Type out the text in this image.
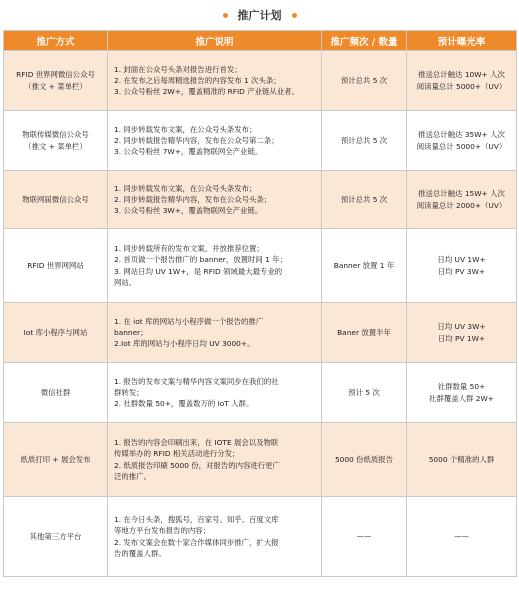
推广计划
推广方式	推广说明	推广频次 / 数量	预计曝光率

RFID 世界网微信公众号
（推文 + 菜单栏）	1. 封面在公众号头条对报告进行首发；
2. 在发布之后每周精选报告的内容发布 1 次头条；
3. 公众号粉丝 2W+，覆盖精准的 RFID 产业链从业者。	预计总共 5 次	推送总计触达 10W+ 人次
阅读量总计 5000+（UV）

物联传媒微信公众号
（推文 + 菜单栏）	1. 同步转载发布文案，在公众号头条发布；
2. 同步转载报告精华内容，发布在公众号第二条；
3. 公众号粉丝 7W+，覆盖物联网全产业链。	预计总共 5 次	推送总计触达 35W+ 人次
阅读量总计 5000+（UV）

物联网届微信公众号	1. 同步转载发布文案，在公众号头条发布；
2. 同步转载报告精华内容，发布在公众号头条；
3. 公众号粉丝 3W+，覆盖物联网全产业链。	预计总共 5 次	推送总计触达 15W+ 人次
阅读量总计 2000+（UV）

RFID 世界网网站	1. 同步转载所有的发布文案，并放推荐位置；
2. 首页做一个报告推广的 banner，放置时间 1 年；
3. 网站日均 UV 1W+，是 RFID 领域最大最专业的
网站。	Banner 放置 1 年	日均 UV 1W+
日均 PV 3W+

Iot 库小程序与网站	1. 在 iot 库的网站与小程序做一个报告的推广
banner；
2.Iot 库的网站与小程序日均 UV 3000+。	Baner 放置半年	日均 UV 3W+
日均 PV 1W+

微信社群	1. 报告的发布文案与精华内容文案同步在我们的社
群转发；
2. 社群数量 50+，覆盖数万的 IoT 人群。	预计 5 次	社群数量 50+
社群覆盖人群 2W+

纸质打印 + 展会发布	1. 报告的内容会印刷出来，在 IOTE 展会以及物联
传媒举办的 RFID 相关活动进行分发；
2. 纸质报告印刷 5000 份，对报告的内容进行更广
泛的推广。	5000 份纸质报告	5000 个精准的人群

其他第三方平台	1. 在今日头条，搜狐号，百家号、知乎、百度文库
等地方平台发布报告的内容；
2. 发布文案会在数十家合作媒体同步推广，扩大报
告的覆盖人群。	——	——
